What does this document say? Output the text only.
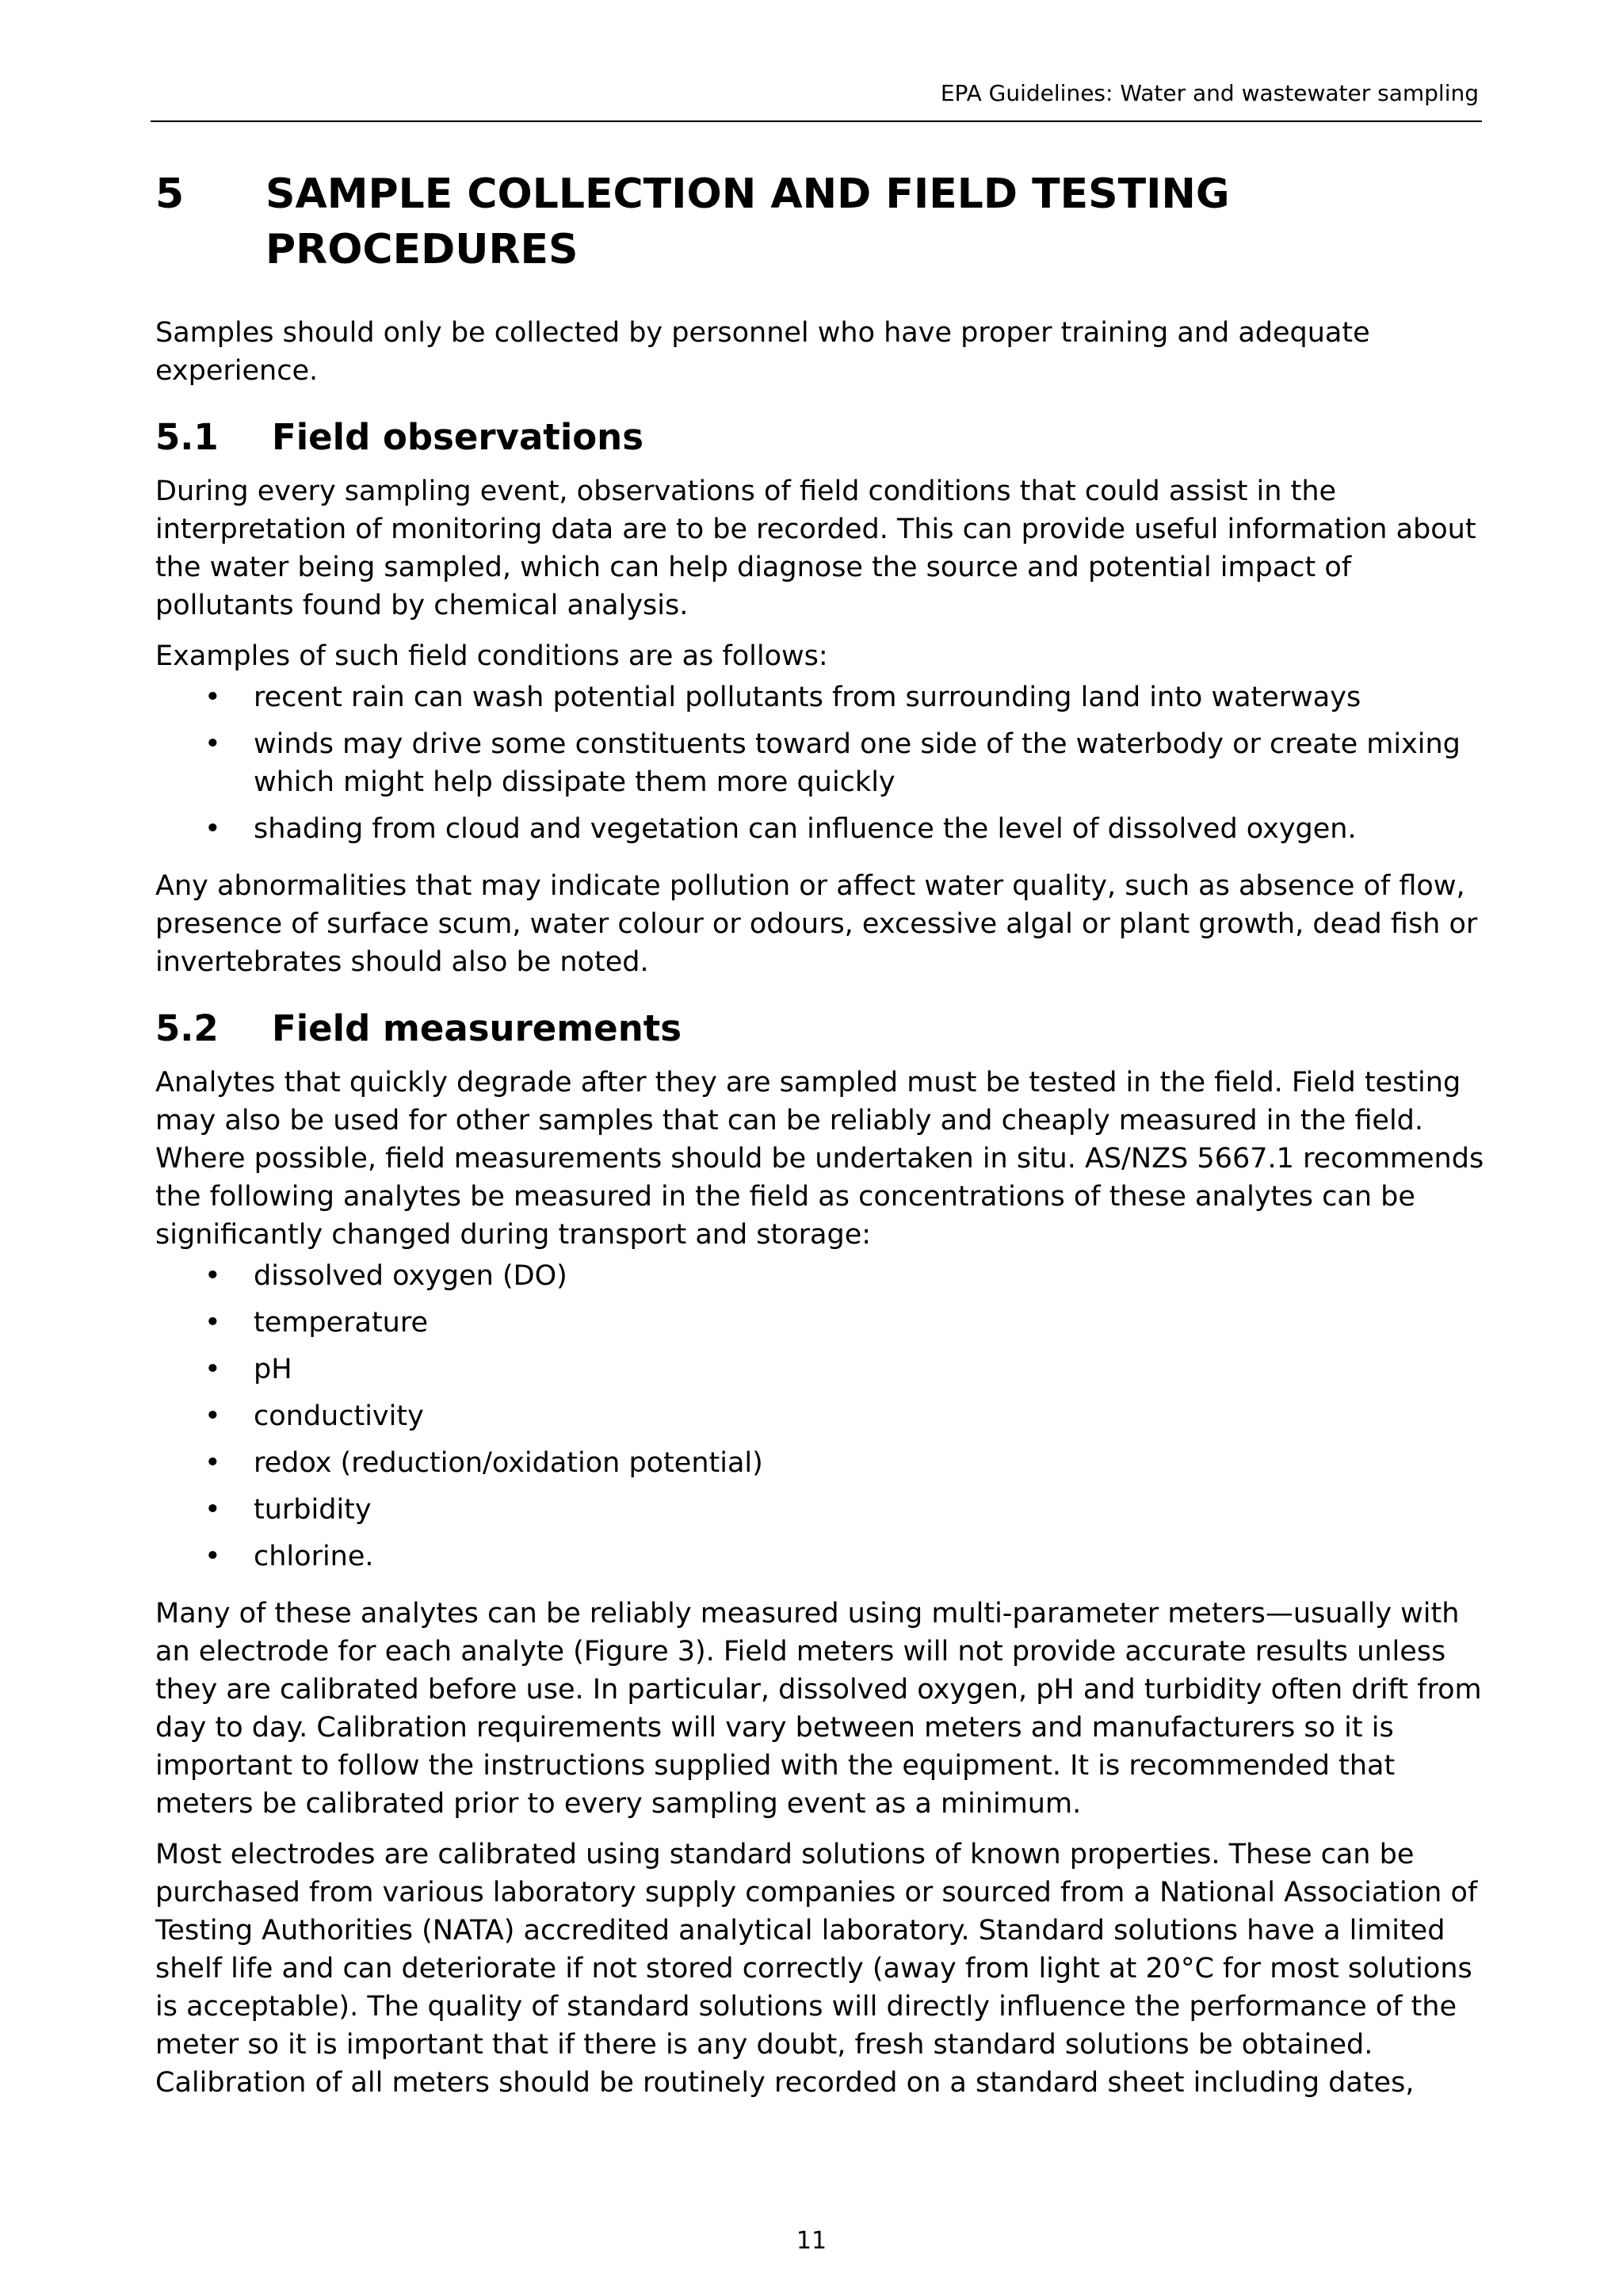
EPA Guidelines: Water and wastewater sampling
5	SAMPLE COLLECTION AND FIELD TESTING PROCEDURES

Samples should only be collected by personnel who have proper training and adequate experience.

5.1	Field observations

During every sampling event, observations of field conditions that could assist in the interpretation of monitoring data are to be recorded. This can provide useful information about the water being sampled, which can help diagnose the source and potential impact of pollutants found by chemical analysis.

Examples of such field conditions are as follows:

• recent rain can wash potential pollutants from surrounding land into waterways
• winds may drive some constituents toward one side of the waterbody or create mixing which might help dissipate them more quickly
• shading from cloud and vegetation can influence the level of dissolved oxygen.

Any abnormalities that may indicate pollution or affect water quality, such as absence of flow, presence of surface scum, water colour or odours, excessive algal or plant growth, dead fish or invertebrates should also be noted.

5.2	Field measurements

Analytes that quickly degrade after they are sampled must be tested in the field. Field testing may also be used for other samples that can be reliably and cheaply measured in the field. Where possible, field measurements should be undertaken in situ. AS/NZS 5667.1 recommends the following analytes be measured in the field as concentrations of these analytes can be significantly changed during transport and storage:

• dissolved oxygen (DO)
• temperature
• pH
• conductivity
• redox (reduction/oxidation potential)
• turbidity
• chlorine.

Many of these analytes can be reliably measured using multi-parameter meters—usually with an electrode for each analyte (Figure 3). Field meters will not provide accurate results unless they are calibrated before use. In particular, dissolved oxygen, pH and turbidity often drift from day to day. Calibration requirements will vary between meters and manufacturers so it is important to follow the instructions supplied with the equipment. It is recommended that meters be calibrated prior to every sampling event as a minimum.

Most electrodes are calibrated using standard solutions of known properties. These can be purchased from various laboratory supply companies or sourced from a National Association of Testing Authorities (NATA) accredited analytical laboratory. Standard solutions have a limited shelf life and can deteriorate if not stored correctly (away from light at 20°C for most solutions is acceptable). The quality of standard solutions will directly influence the performance of the meter so it is important that if there is any doubt, fresh standard solutions be obtained. Calibration of all meters should be routinely recorded on a standard sheet including dates,

11
